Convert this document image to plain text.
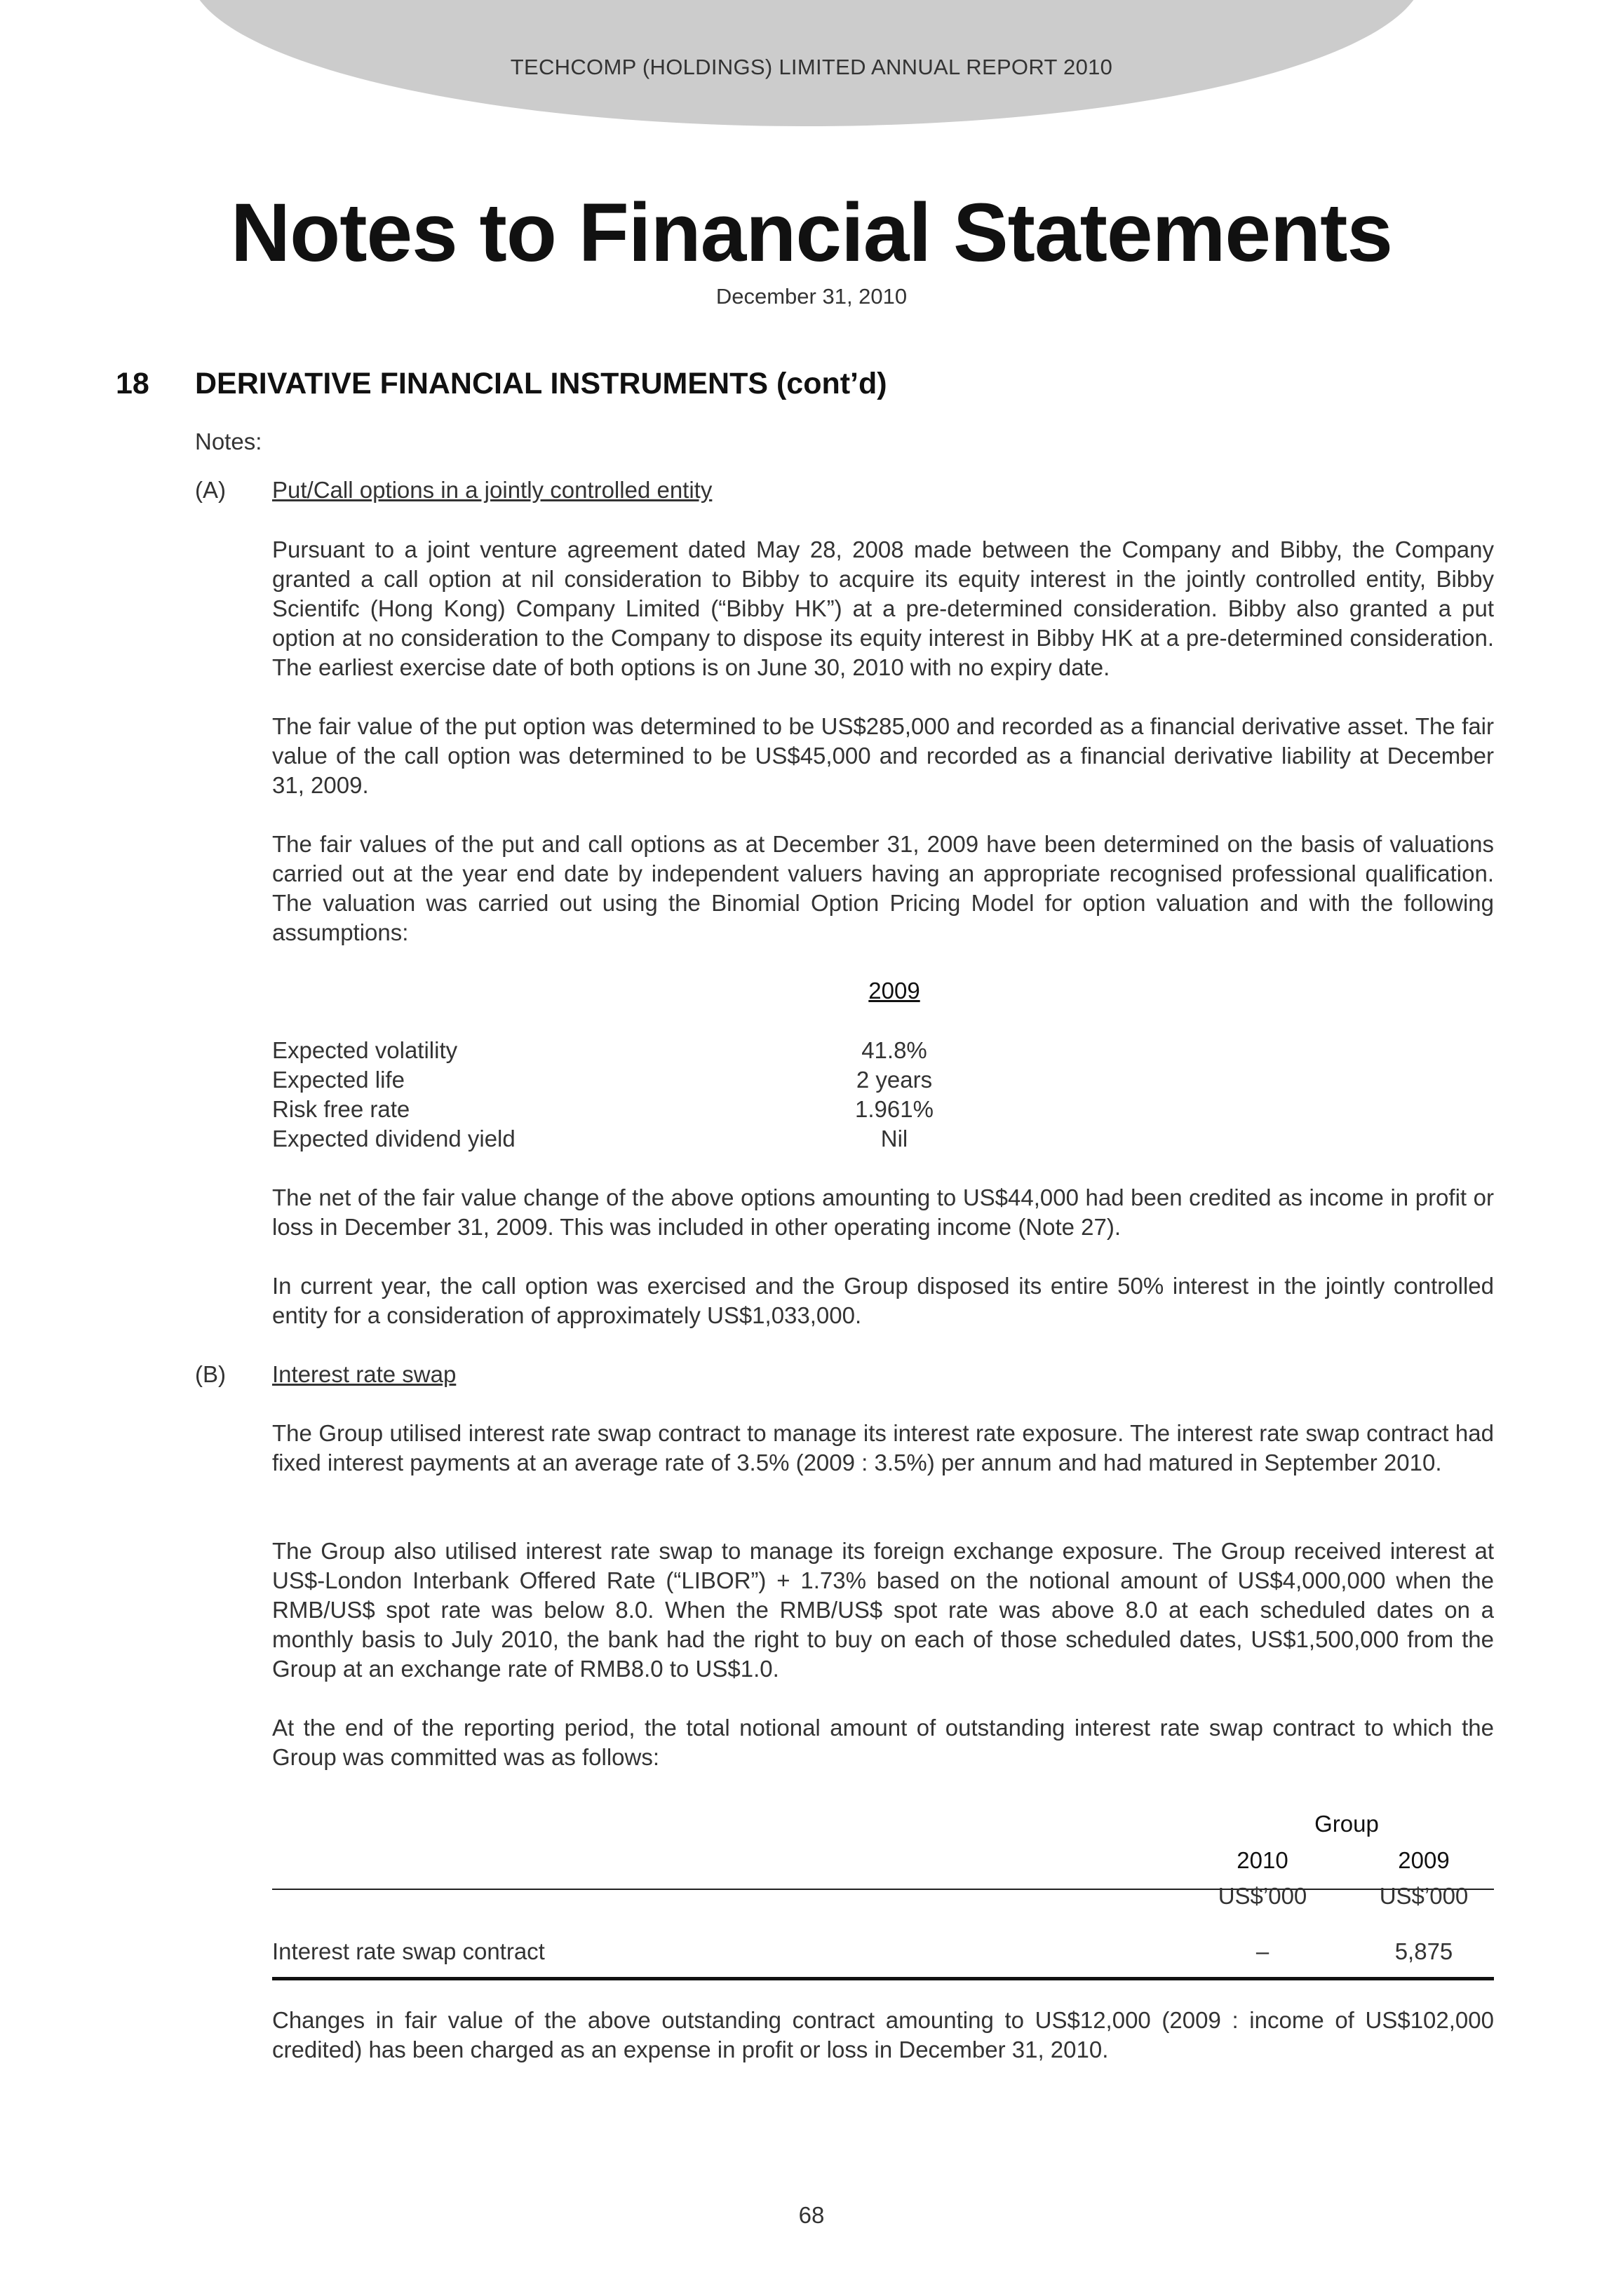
TECHCOMP (HOLDINGS) LIMITED ANNUAL REPORT 2010
Notes to Financial Statements
December 31, 2010
18 DERIVATIVE FINANCIAL INSTRUMENTS (cont’d)
Notes:
(A) Put/Call options in a jointly controlled entity

Pursuant to a joint venture agreement dated May 28, 2008 made between the Company and Bibby, the Company granted a call option at nil consideration to Bibby to acquire its equity interest in the jointly controlled entity, Bibby Scientifc (Hong Kong) Company Limited (“Bibby HK”) at a pre-determined consideration. Bibby also granted a put option at no consideration to the Company to dispose its equity interest in Bibby HK at a pre-determined consideration. The earliest exercise date of both options is on June 30, 2010 with no expiry date.

The fair value of the put option was determined to be US$285,000 and recorded as a financial derivative asset. The fair value of the call option was determined to be US$45,000 and recorded as a financial derivative liability at December 31, 2009.

The fair values of the put and call options as at December 31, 2009 have been determined on the basis of valuations carried out at the year end date by independent valuers having an appropriate recognised professional qualification. The valuation was carried out using the Binomial Option Pricing Model for option valuation and with the following assumptions:

2009
Expected volatility	41.8%
Expected life	2 years
Risk free rate	1.961%
Expected dividend yield	Nil

The net of the fair value change of the above options amounting to US$44,000 had been credited as income in profit or loss in December 31, 2009. This was included in other operating income (Note 27).

In current year, the call option was exercised and the Group disposed its entire 50% interest in the jointly controlled entity for a consideration of approximately US$1,033,000.

(B) Interest rate swap

The Group utilised interest rate swap contract to manage its interest rate exposure. The interest rate swap contract had fixed interest payments at an average rate of 3.5% (2009 : 3.5%) per annum and had matured in September 2010.

The Group also utilised interest rate swap to manage its foreign exchange exposure. The Group received interest at US$-London Interbank Offered Rate (“LIBOR”) + 1.73% based on the notional amount of US$4,000,000 when the RMB/US$ spot rate was below 8.0. When the RMB/US$ spot rate was above 8.0 at each scheduled dates on a monthly basis to July 2010, the bank had the right to buy on each of those scheduled dates, US$1,500,000 from the Group at an exchange rate of RMB8.0 to US$1.0.

At the end of the reporting period, the total notional amount of outstanding interest rate swap contract to which the Group was committed was as follows:

Group
2010	2009
US$’000	US$’000
Interest rate swap contract	–	5,875

Changes in fair value of the above outstanding contract amounting to US$12,000 (2009 : income of US$102,000 credited) has been charged as an expense in profit or loss in December 31, 2010.

68
